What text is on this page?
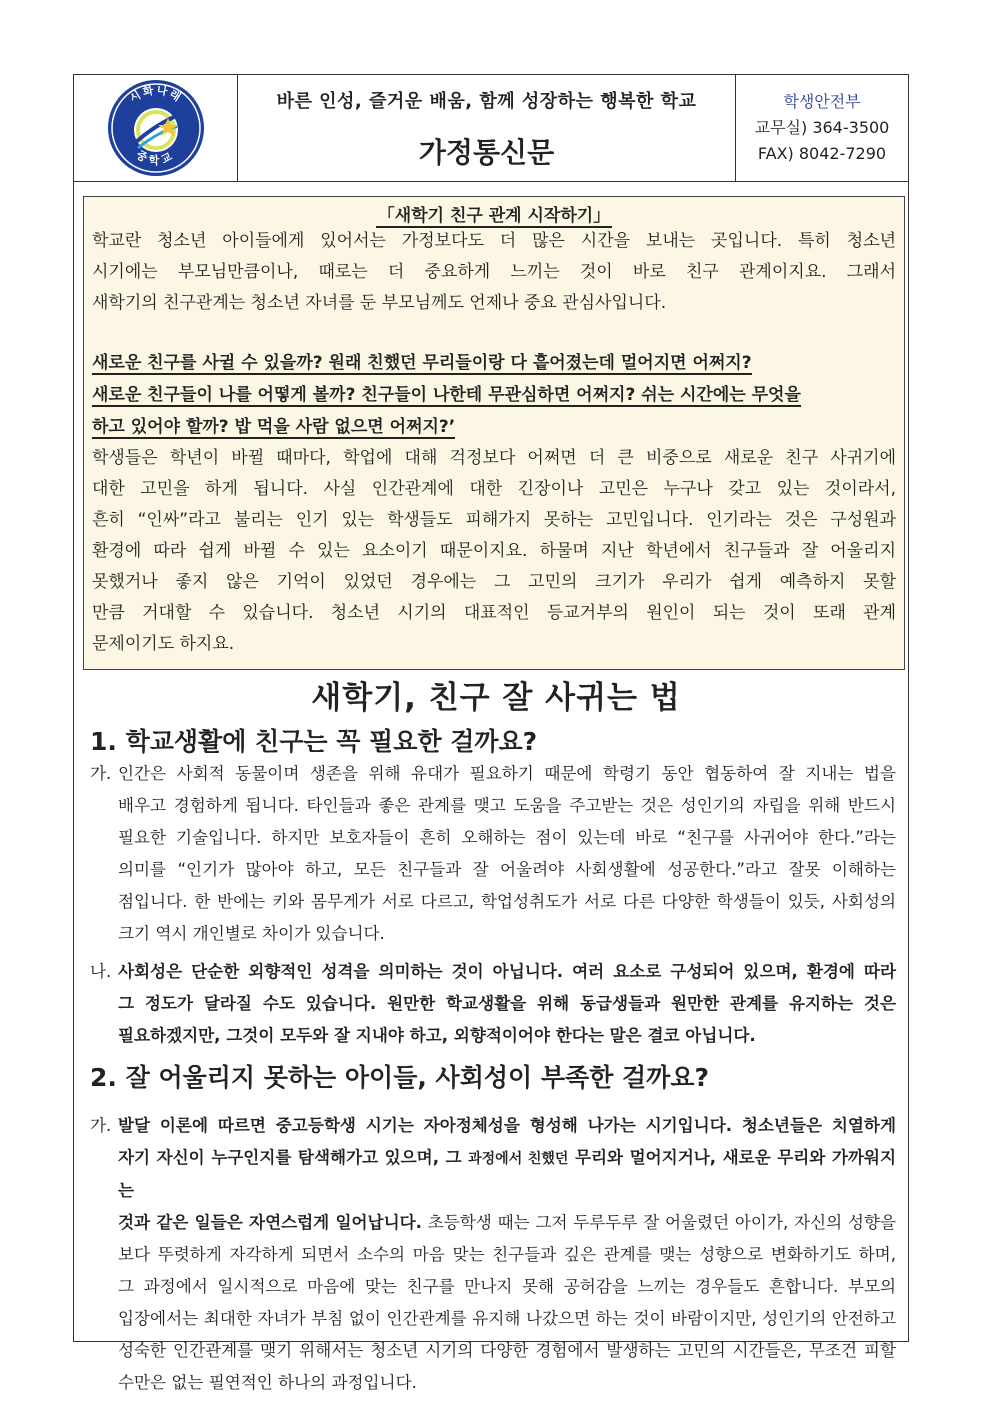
시화나래
중학교
바른 인성, 즐거운 배움, 함께 성장하는 행복한 학교
가정통신문
학생안전부
교무실) 364-3500
FAX) 8042-7290
「새학기 친구 관계 시작하기」
학교란 청소년 아이들에게 있어서는 가정보다도 더 많은 시간을 보내는 곳입니다. 특히 청소년
시기에는 부모님만큼이나, 때로는 더 중요하게 느끼는 것이 바로 친구 관계이지요. 그래서
새학기의 친구관계는 청소년 자녀를 둔 부모님께도 언제나 중요 관심사입니다.
새로운 친구를 사귈 수 있을까? 원래 친했던 무리들이랑 다 흩어졌는데 멀어지면 어쩌지?
새로운 친구들이 나를 어떻게 볼까? 친구들이 나한테 무관심하면 어쩌지? 쉬는 시간에는 무엇을
하고 있어야 할까? 밥 먹을 사람 없으면 어쩌지?’
학생들은 학년이 바뀔 때마다, 학업에 대해 걱정보다 어쩌면 더 큰 비중으로 새로운 친구 사귀기에
대한 고민을 하게 됩니다. 사실 인간관계에 대한 긴장이나 고민은 누구나 갖고 있는 것이라서,
흔히 “인싸”라고 불리는 인기 있는 학생들도 피해가지 못하는 고민입니다. 인기라는 것은 구성원과
환경에 따라 쉽게 바뀔 수 있는 요소이기 때문이지요. 하물며 지난 학년에서 친구들과 잘 어울리지
못했거나 좋지 않은 기억이 있었던 경우에는 그 고민의 크기가 우리가 쉽게 예측하지 못할
만큼 거대할 수 있습니다. 청소년 시기의 대표적인 등교거부의 원인이 되는 것이 또래 관계
문제이기도 하지요.
새학기, 친구 잘 사귀는 법
1. 학교생활에 친구는 꼭 필요한 걸까요?
가. 인간은 사회적 동물이며 생존을 위해 유대가 필요하기 때문에 학령기 동안 협동하여 잘 지내는 법을
배우고 경험하게 됩니다. 타인들과 좋은 관계를 맺고 도움을 주고받는 것은 성인기의 자립을 위해 반드시
필요한 기술입니다. 하지만 보호자들이 흔히 오해하는 점이 있는데 바로 “친구를 사귀어야 한다.”라는
의미를 “인기가 많아야 하고, 모든 친구들과 잘 어울려야 사회생활에 성공한다.”라고 잘못 이해하는
점입니다. 한 반에는 키와 몸무게가 서로 다르고, 학업성취도가 서로 다른 다양한 학생들이 있듯, 사회성의
크기 역시 개인별로 차이가 있습니다.
나. 사회성은 단순한 외향적인 성격을 의미하는 것이 아닙니다. 여러 요소로 구성되어 있으며, 환경에 따라
그 정도가 달라질 수도 있습니다. 원만한 학교생활을 위해 동급생들과 원만한 관계를 유지하는 것은
필요하겠지만, 그것이 모두와 잘 지내야 하고, 외향적이어야 한다는 말은 결코 아닙니다.
2. 잘 어울리지 못하는 아이들, 사회성이 부족한 걸까요?
가. 발달 이론에 따르면 중고등학생 시기는 자아정체성을 형성해 나가는 시기입니다. 청소년들은 치열하게
자기 자신이 누구인지를 탐색해가고 있으며, 그 과정에서 친했던 무리와 멀어지거나, 새로운 무리와 가까워지는
것과 같은 일들은 자연스럽게 일어납니다. 초등학생 때는 그저 두루두루 잘 어울렸던 아이가, 자신의 성향을
보다 뚜렷하게 자각하게 되면서 소수의 마음 맞는 친구들과 깊은 관계를 맺는 성향으로 변화하기도 하며,
그 과정에서 일시적으로 마음에 맞는 친구를 만나지 못해 공허감을 느끼는 경우들도 흔합니다. 부모의
입장에서는 최대한 자녀가 부침 없이 인간관계를 유지해 나갔으면 하는 것이 바람이지만, 성인기의 안전하고
성숙한 인간관계를 맺기 위해서는 청소년 시기의 다양한 경험에서 발생하는 고민의 시간들은, 무조건 피할
수만은 없는 필연적인 하나의 과정입니다.
